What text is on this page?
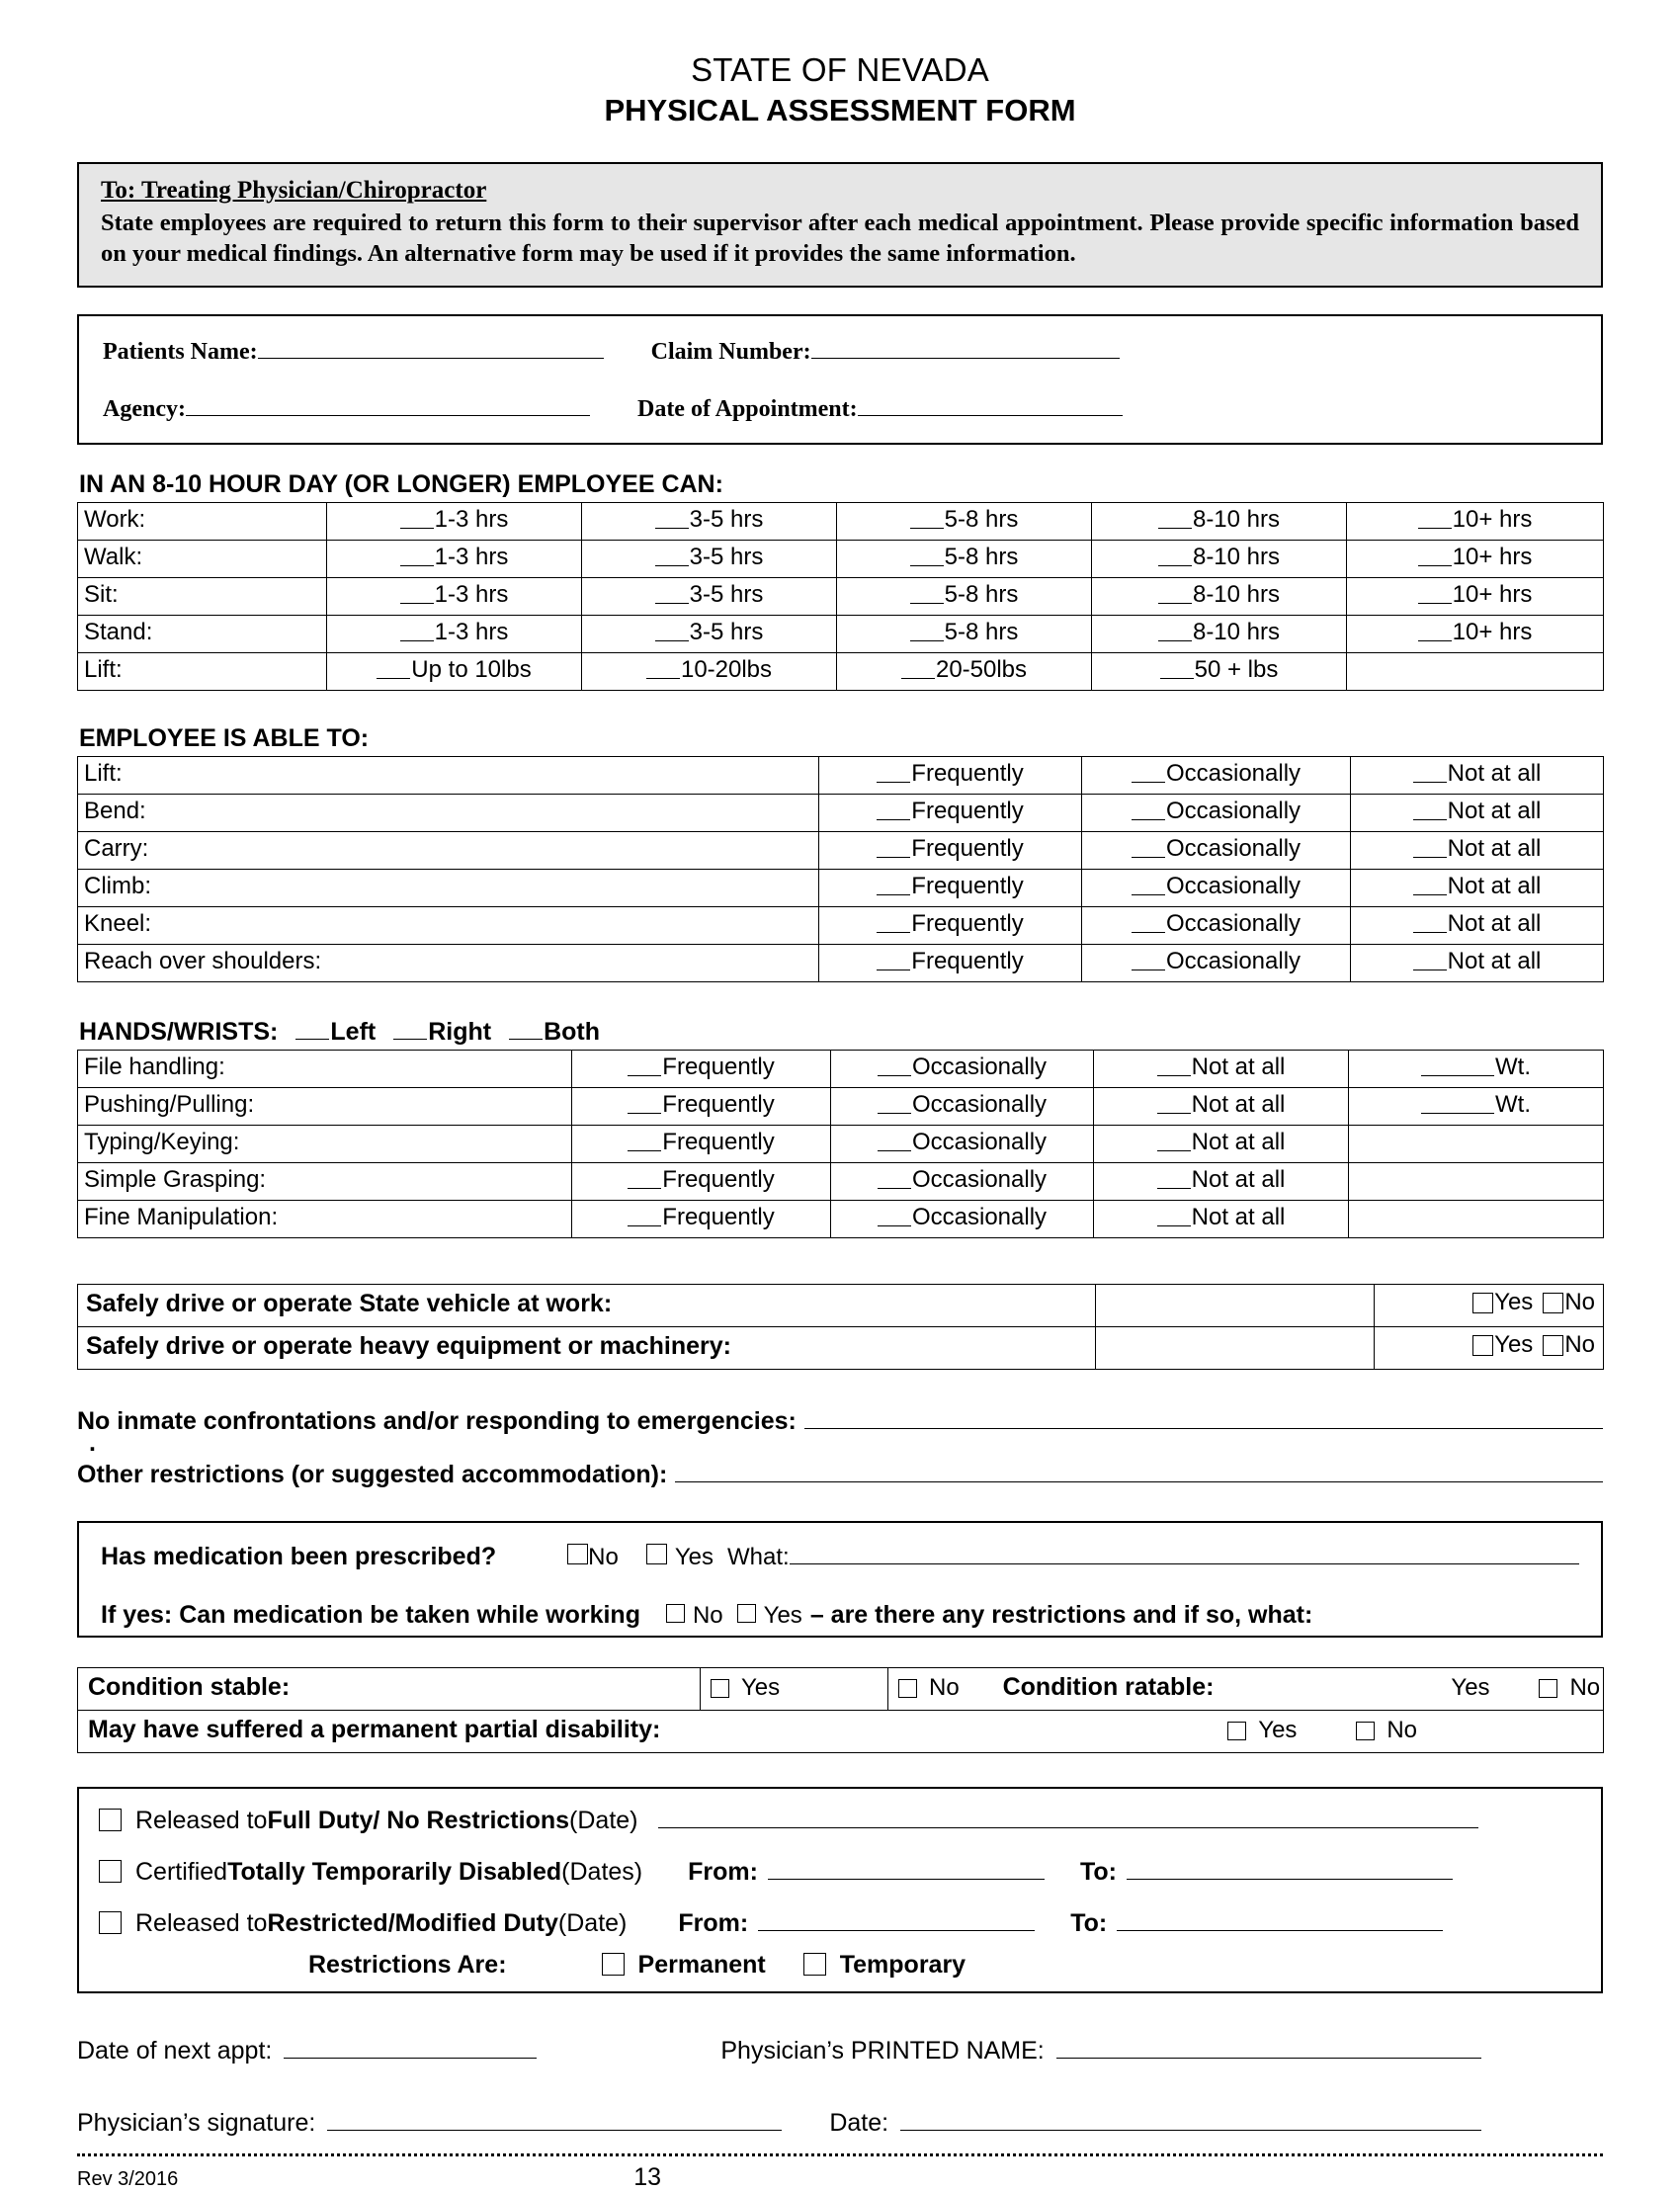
STATE OF NEVADA
PHYSICAL ASSESSMENT FORM
To: Treating Physician/Chiropractor
State employees are required to return this form to their supervisor after each medical appointment. Please provide specific information based on your medical findings. An alternative form may be used if it provides the same information.
Patients Name:	Claim Number:
Agency:	Date of Appointment:
IN AN 8-10 HOUR DAY (OR LONGER) EMPLOYEE CAN:
Work:	1-3 hrs	3-5 hrs	5-8 hrs	8-10 hrs	10+ hrs
Walk:	1-3 hrs	3-5 hrs	5-8 hrs	8-10 hrs	10+ hrs
Sit:	1-3 hrs	3-5 hrs	5-8 hrs	8-10 hrs	10+ hrs
Stand:	1-3 hrs	3-5 hrs	5-8 hrs	8-10 hrs	10+ hrs
Lift:	Up to 10lbs	10-20lbs	20-50lbs	50 + lbs	
EMPLOYEE IS ABLE TO:
Lift:	Frequently	Occasionally	Not at all
Bend:	Frequently	Occasionally	Not at all
Carry:	Frequently	Occasionally	Not at all
Climb:	Frequently	Occasionally	Not at all
Kneel:	Frequently	Occasionally	Not at all
Reach over shoulders:	Frequently	Occasionally	Not at all
HANDS/WRISTS: Left Right Both
File handling:	Frequently	Occasionally	Not at all	Wt.
Pushing/Pulling:	Frequently	Occasionally	Not at all	Wt.
Typing/Keying:	Frequently	Occasionally	Not at all	
Simple Grasping:	Frequently	Occasionally	Not at all	
Fine Manipulation:	Frequently	Occasionally	Not at all	
Safely drive or operate State vehicle at work:		Yes No

Safely drive or operate heavy equipment or machinery:		Yes No
No inmate confrontations and/or responding to emergencies:
.
Other restrictions (or suggested accommodation):
Has medication been prescribed?	No Yes What:
If yes: Can medication be taken while working No Yes – are there any restrictions and if so, what:
Condition stable:	Yes	No Condition ratable:	Yes	No
May have suffered a permanent partial disability:	Yes	No
Released to Full Duty/ No Restrictions (Date)
Certified Totally Temporarily Disabled (Dates) From:	To:
Released to Restricted/Modified Duty (Date) From:	To:
Restrictions Are:	Permanent	Temporary
Date of next appt:	Physician’s PRINTED NAME:
Physician’s signature:	Date:
Rev 3/2016	13
